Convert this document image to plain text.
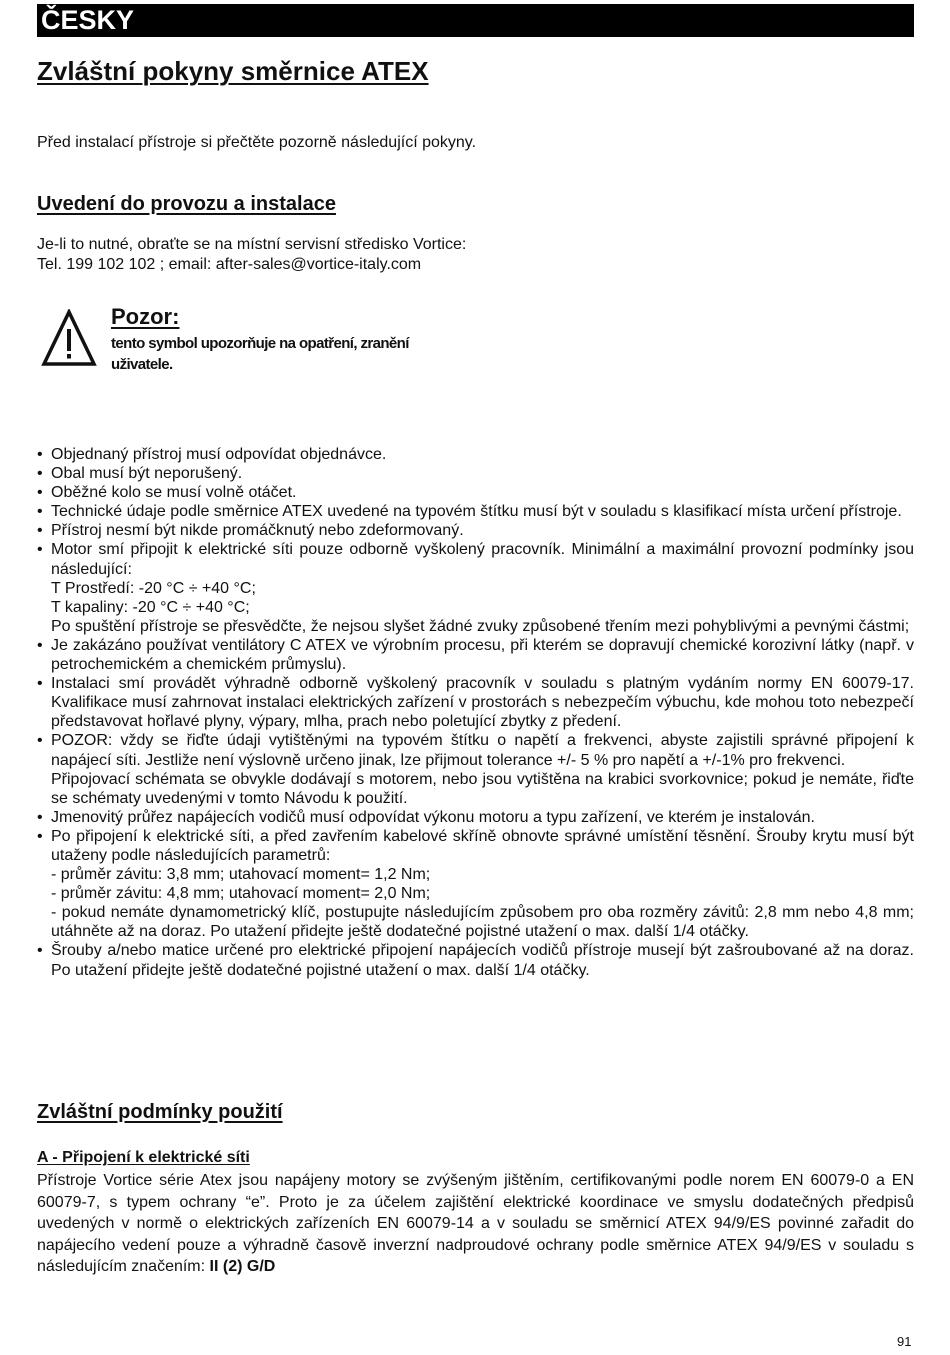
ČESKY
Zvláštní pokyny směrnice ATEX

Před instalací přístroje si přečtěte pozorně následující pokyny.

Uvedení do provozu a instalace
Je-li to nutné, obraťte se na místní servisní středisko Vortice:
Tel. 199 102 102 ; email: after-sales@vortice-italy.com
Pozor:
tento symbol upozorňuje na opatření, zranění uživatele.
• Objednaný přístroj musí odpovídat objednávce.
• Obal musí být neporušený.
• Oběžné kolo se musí volně otáčet.
• Technické údaje podle směrnice ATEX uvedené na typovém štítku musí být v souladu s klasifikací místa určení přístroje.
• Přístroj nesmí být nikde promáčknutý nebo zdeformovaný.
• Motor smí připojit k elektrické síti pouze odborně vyškolený pracovník. Minimální a maximální provozní podmínky jsou následující:
T Prostředí: -20 °C ÷ +40 °C;
T kapaliny: -20 °C ÷ +40 °C;
Po spuštění přístroje se přesvědčte, že nejsou slyšet žádné zvuky způsobené třením mezi pohyblivými a pevnými částmi;
• Je zakázáno používat ventilátory C ATEX ve výrobním procesu, při kterém se dopravují chemické korozivní látky (např. v petrochemickém a chemickém průmyslu).
• Instalaci smí provádět výhradně odborně vyškolený pracovník v souladu s platným vydáním normy EN 60079-17. Kvalifikace musí zahrnovat instalaci elektrických zařízení v prostorách s nebezpečím výbuchu, kde mohou toto nebezpečí představovat hořlavé plyny, výpary, mlha, prach nebo poletující zbytky z předení.
• POZOR: vždy se řiďte údaji vytištěnými na typovém štítku o napětí a frekvenci, abyste zajistili správné připojení k napájecí síti. Jestliže není výslovně určeno jinak, lze přijmout tolerance +/- 5 % pro napětí a +/-1% pro frekvenci.
Připojovací schémata se obvykle dodávají s motorem, nebo jsou vytištěna na krabici svorkovnice; pokud je nemáte, řiďte se schématy uvedenými v tomto Návodu k použití.
• Jmenovitý průřez napájecích vodičů musí odpovídat výkonu motoru a typu zařízení, ve kterém je instalován.
• Po připojení k elektrické síti, a před zavřením kabelové skříně obnovte správné umístění těsnění. Šrouby krytu musí být utaženy podle následujících parametrů:
- průměr závitu: 3,8 mm; utahovací moment= 1,2 Nm;
- průměr závitu: 4,8 mm; utahovací moment= 2,0 Nm;
- pokud nemáte dynamometrický klíč, postupujte následujícím způsobem pro oba rozměry závitů: 2,8 mm nebo 4,8 mm; utáhněte až na doraz. Po utažení přidejte ještě dodatečné pojistné utažení o max. další 1/4 otáčky.
• Šrouby a/nebo matice určené pro elektrické připojení napájecích vodičů přístroje musejí být zašroubované až na doraz. Po utažení přidejte ještě dodatečné pojistné utažení o max. další 1/4 otáčky.
Zvláštní podmínky použití
A - Připojení k elektrické síti

Přístroje Vortice série Atex jsou napájeny motory se zvýšeným jištěním, certifikovanými podle norem EN 60079-0 a EN 60079-7, s typem ochrany “e”. Proto je za účelem zajištění elektrické koordinace ve smyslu dodatečných předpisů uvedených v normě o elektrických zařízeních EN 60079-14 a v souladu se směrnicí ATEX 94/9/ES povinné zařadit do napájecího vedení pouze a výhradně časově inverzní nadproudové ochrany podle směrnice ATEX 94/9/ES v souladu s následujícím značením: II (2) G/D

91
